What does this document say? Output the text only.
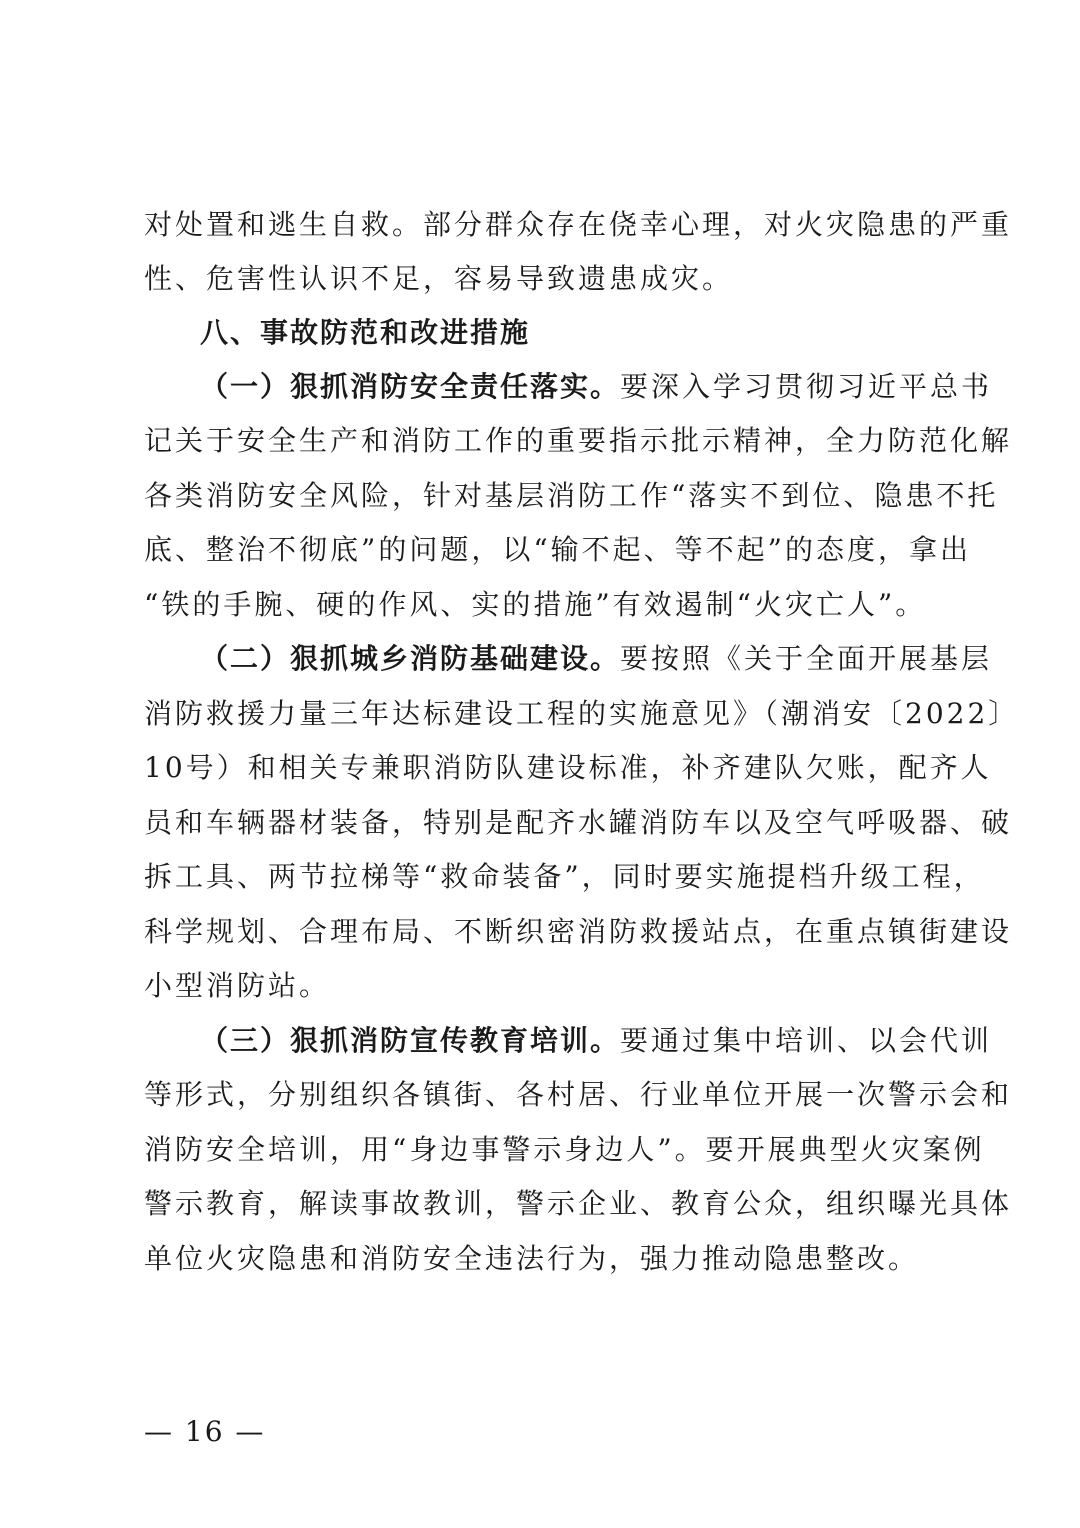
对处置和逃生自救。部分群众存在侥幸心理，对火灾隐患的严重
性、危害性认识不足，容易导致遗患成灾。
八、事故防范和改进措施
（一）狠抓消防安全责任落实。要深入学习贯彻习近平总书
记关于安全生产和消防工作的重要指示批示精神，全力防范化解
各类消防安全风险，针对基层消防工作“落实不到位、隐患不托
底、整治不彻底”的问题，以“输不起、等不起”的态度，拿出
“铁的手腕、硬的作风、实的措施”有效遏制“火灾亡人”。
（二）狠抓城乡消防基础建设。要按照《关于全面开展基层
消防救援力量三年达标建设工程的实施意见》（潮消安〔2022〕
10号）和相关专兼职消防队建设标准，补齐建队欠账，配齐人
员和车辆器材装备，特别是配齐水罐消防车以及空气呼吸器、破
拆工具、两节拉梯等“救命装备”，同时要实施提档升级工程，
科学规划、合理布局、不断织密消防救援站点，在重点镇街建设
小型消防站。
（三）狠抓消防宣传教育培训。要通过集中培训、以会代训
等形式，分别组织各镇街、各村居、行业单位开展一次警示会和
消防安全培训，用“身边事警示身边人”。要开展典型火灾案例
警示教育，解读事故教训，警示企业、教育公众，组织曝光具体
单位火灾隐患和消防安全违法行为，强力推动隐患整改。
— 16 —
